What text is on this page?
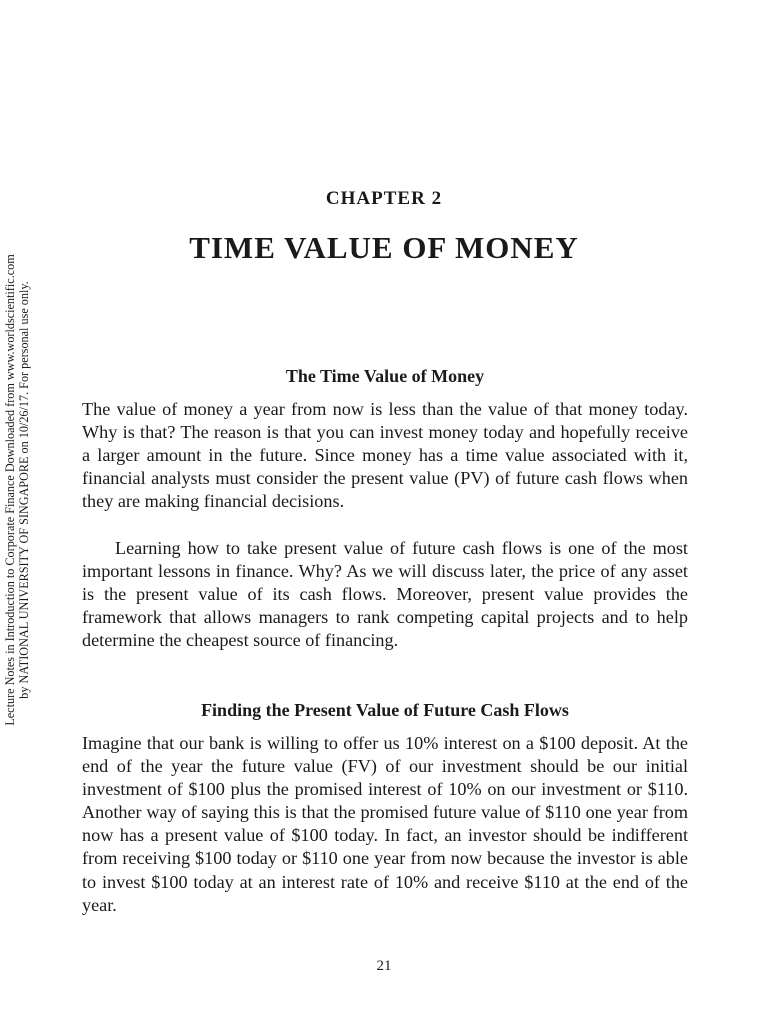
Lecture Notes in Introduction to Corporate Finance Downloaded from www.worldscientific.com by NATIONAL UNIVERSITY OF SINGAPORE on 10/26/17. For personal use only.
CHAPTER 2
TIME VALUE OF MONEY
The Time Value of Money

The value of money a year from now is less than the value of that money today. Why is that? The reason is that you can invest money today and hopefully receive a larger amount in the future. Since money has a time value associated with it, financial analysts must consider the present value (PV) of future cash flows when they are making financial decisions.

Learning how to take present value of future cash flows is one of the most important lessons in finance. Why? As we will discuss later, the price of any asset is the present value of its cash flows. Moreover, present value provides the framework that allows managers to rank competing capital projects and to help determine the cheapest source of financing.

Finding the Present Value of Future Cash Flows

Imagine that our bank is willing to offer us 10% interest on a $100 deposit. At the end of the year the future value (FV) of our investment should be our initial investment of $100 plus the promised interest of 10% on our investment or $110. Another way of saying this is that the promised future value of $110 one year from now has a present value of $100 today. In fact, an investor should be indifferent from receiving $100 today or $110 one year from now because the investor is able to invest $100 today at an interest rate of 10% and receive $110 at the end of the year.

21
